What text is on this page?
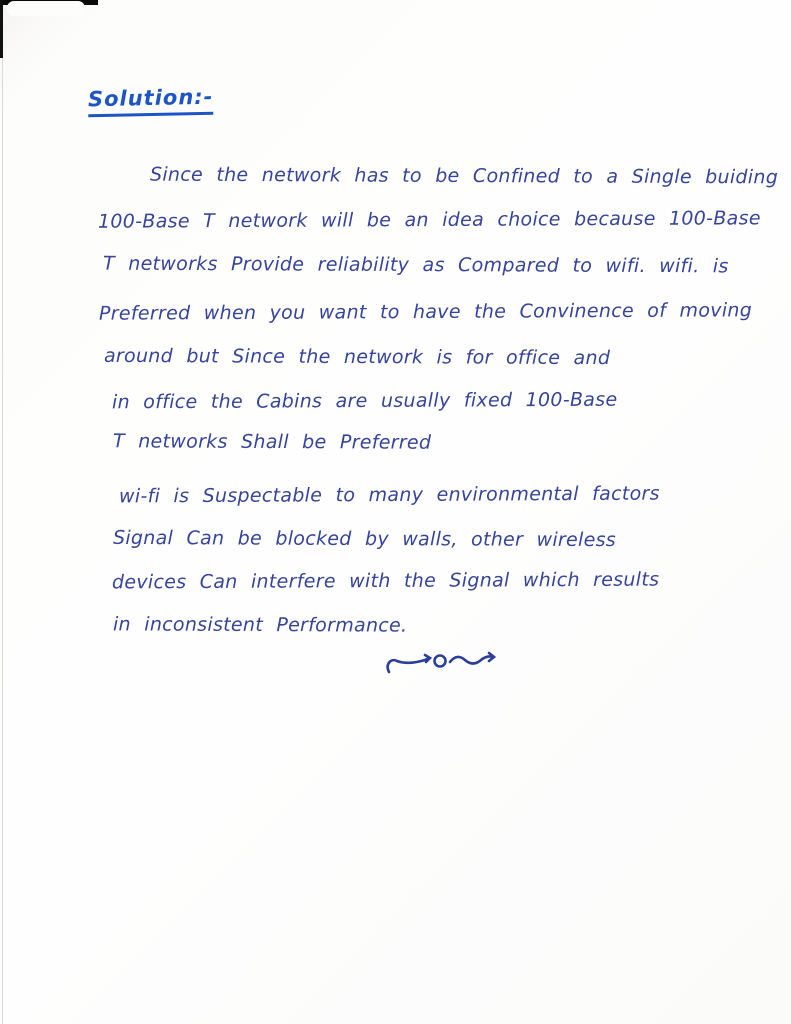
Solution:-
Since the network has to be Confined to a Single buiding
100-Base T network will be an idea choice because 100-Base
T networks Provide reliability as Compared to wifi. wifi. is
Preferred when you want to have the Convinence of moving
around but Since the network is for office and
in office the Cabins are usually fixed 100-Base
T networks Shall be Preferred
wi-fi is Suspectable to many environmental factors
Signal Can be blocked by walls, other wireless
devices Can interfere with the Signal which results
in inconsistent Performance.
